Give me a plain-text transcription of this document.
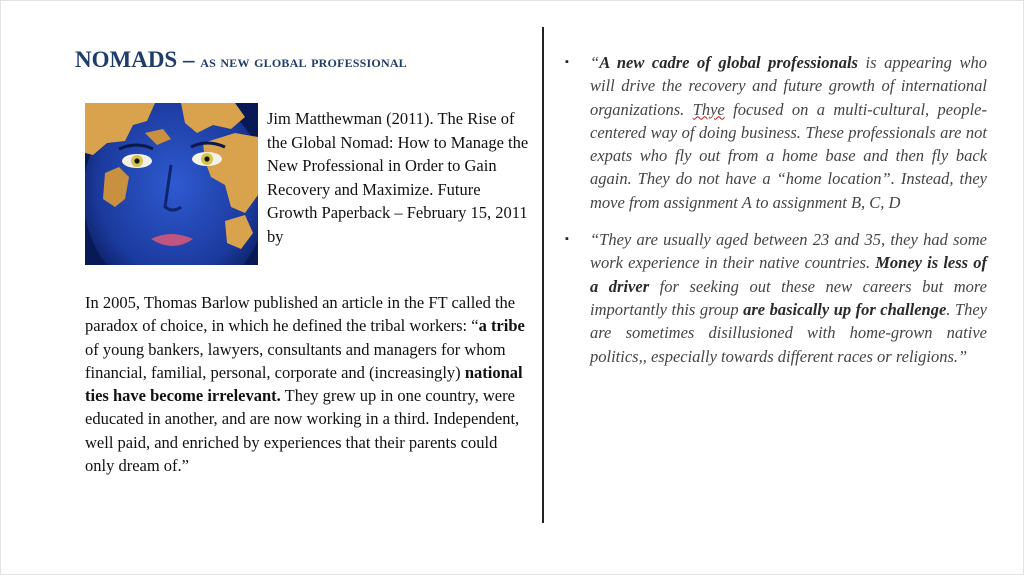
NOMADS – as new global professional
Jim Matthewman (2011). The Rise of the Global Nomad: How to Manage the New Professional in Order to Gain Recovery and Maximize. Future Growth Paperback – February 15, 2011 by
In 2005, Thomas Barlow published an article in the FT called the paradox of choice, in which he defined the tribal workers: “a tribe of young bankers, lawyers, consultants and managers for whom financial, familial, personal, corporate and (increasingly) national ties have become irrelevant. They grew up in one country, were educated in another, and are now working in a third. Independent, well paid, and enriched by experiences that their parents could only dream of.”
▪ “A new cadre of global professionals is appearing who will drive the recovery and future growth of international organizations. Thye focused on a multi-cultural, people-centered way of doing business. These professionals are not expats who fly out from a home base and then fly back again. They do not have a “home location”. Instead, they move from assignment A to assignment B, C, D
▪ “They are usually aged between 23 and 35, they had some work experience in their native countries. Money is less of a driver for seeking out these new careers but more importantly this group are basically up for challenge. They are sometimes disillusioned with home-grown native politics,, especially towards different races or religions.”
